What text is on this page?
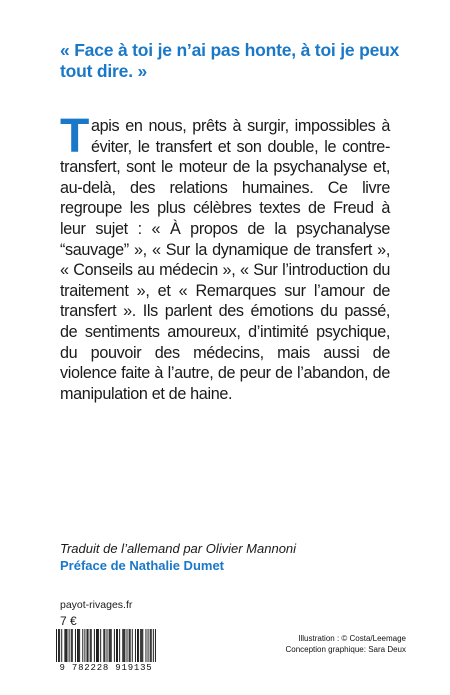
« Face à toi je n’ai pas honte, à toi je peux tout dire. »

Tapis en nous, prêts à surgir, impossibles à éviter, le transfert et son double, le contre-transfert, sont le moteur de la psychanalyse et, au-delà, des relations humaines. Ce livre regroupe les plus célèbres textes de Freud à leur sujet : « À propos de la psychanalyse “sauvage” », « Sur la dynamique de transfert », « Conseils au médecin », « Sur l’introduction du traitement », et « Remarques sur l’amour de transfert ». Ils parlent des émotions du passé, de sentiments amoureux, d’intimité psychique, du pouvoir des médecins, mais aussi de violence faite à l’autre, de peur de l’abandon, de manipulation et de haine.

Traduit de l’allemand par Olivier Mannoni
Préface de Nathalie Dumet

payot-rivages.fr
7 €
9 782228 919135
Illustration : © Costa/Leemage
Conception graphique: Sara Deux
